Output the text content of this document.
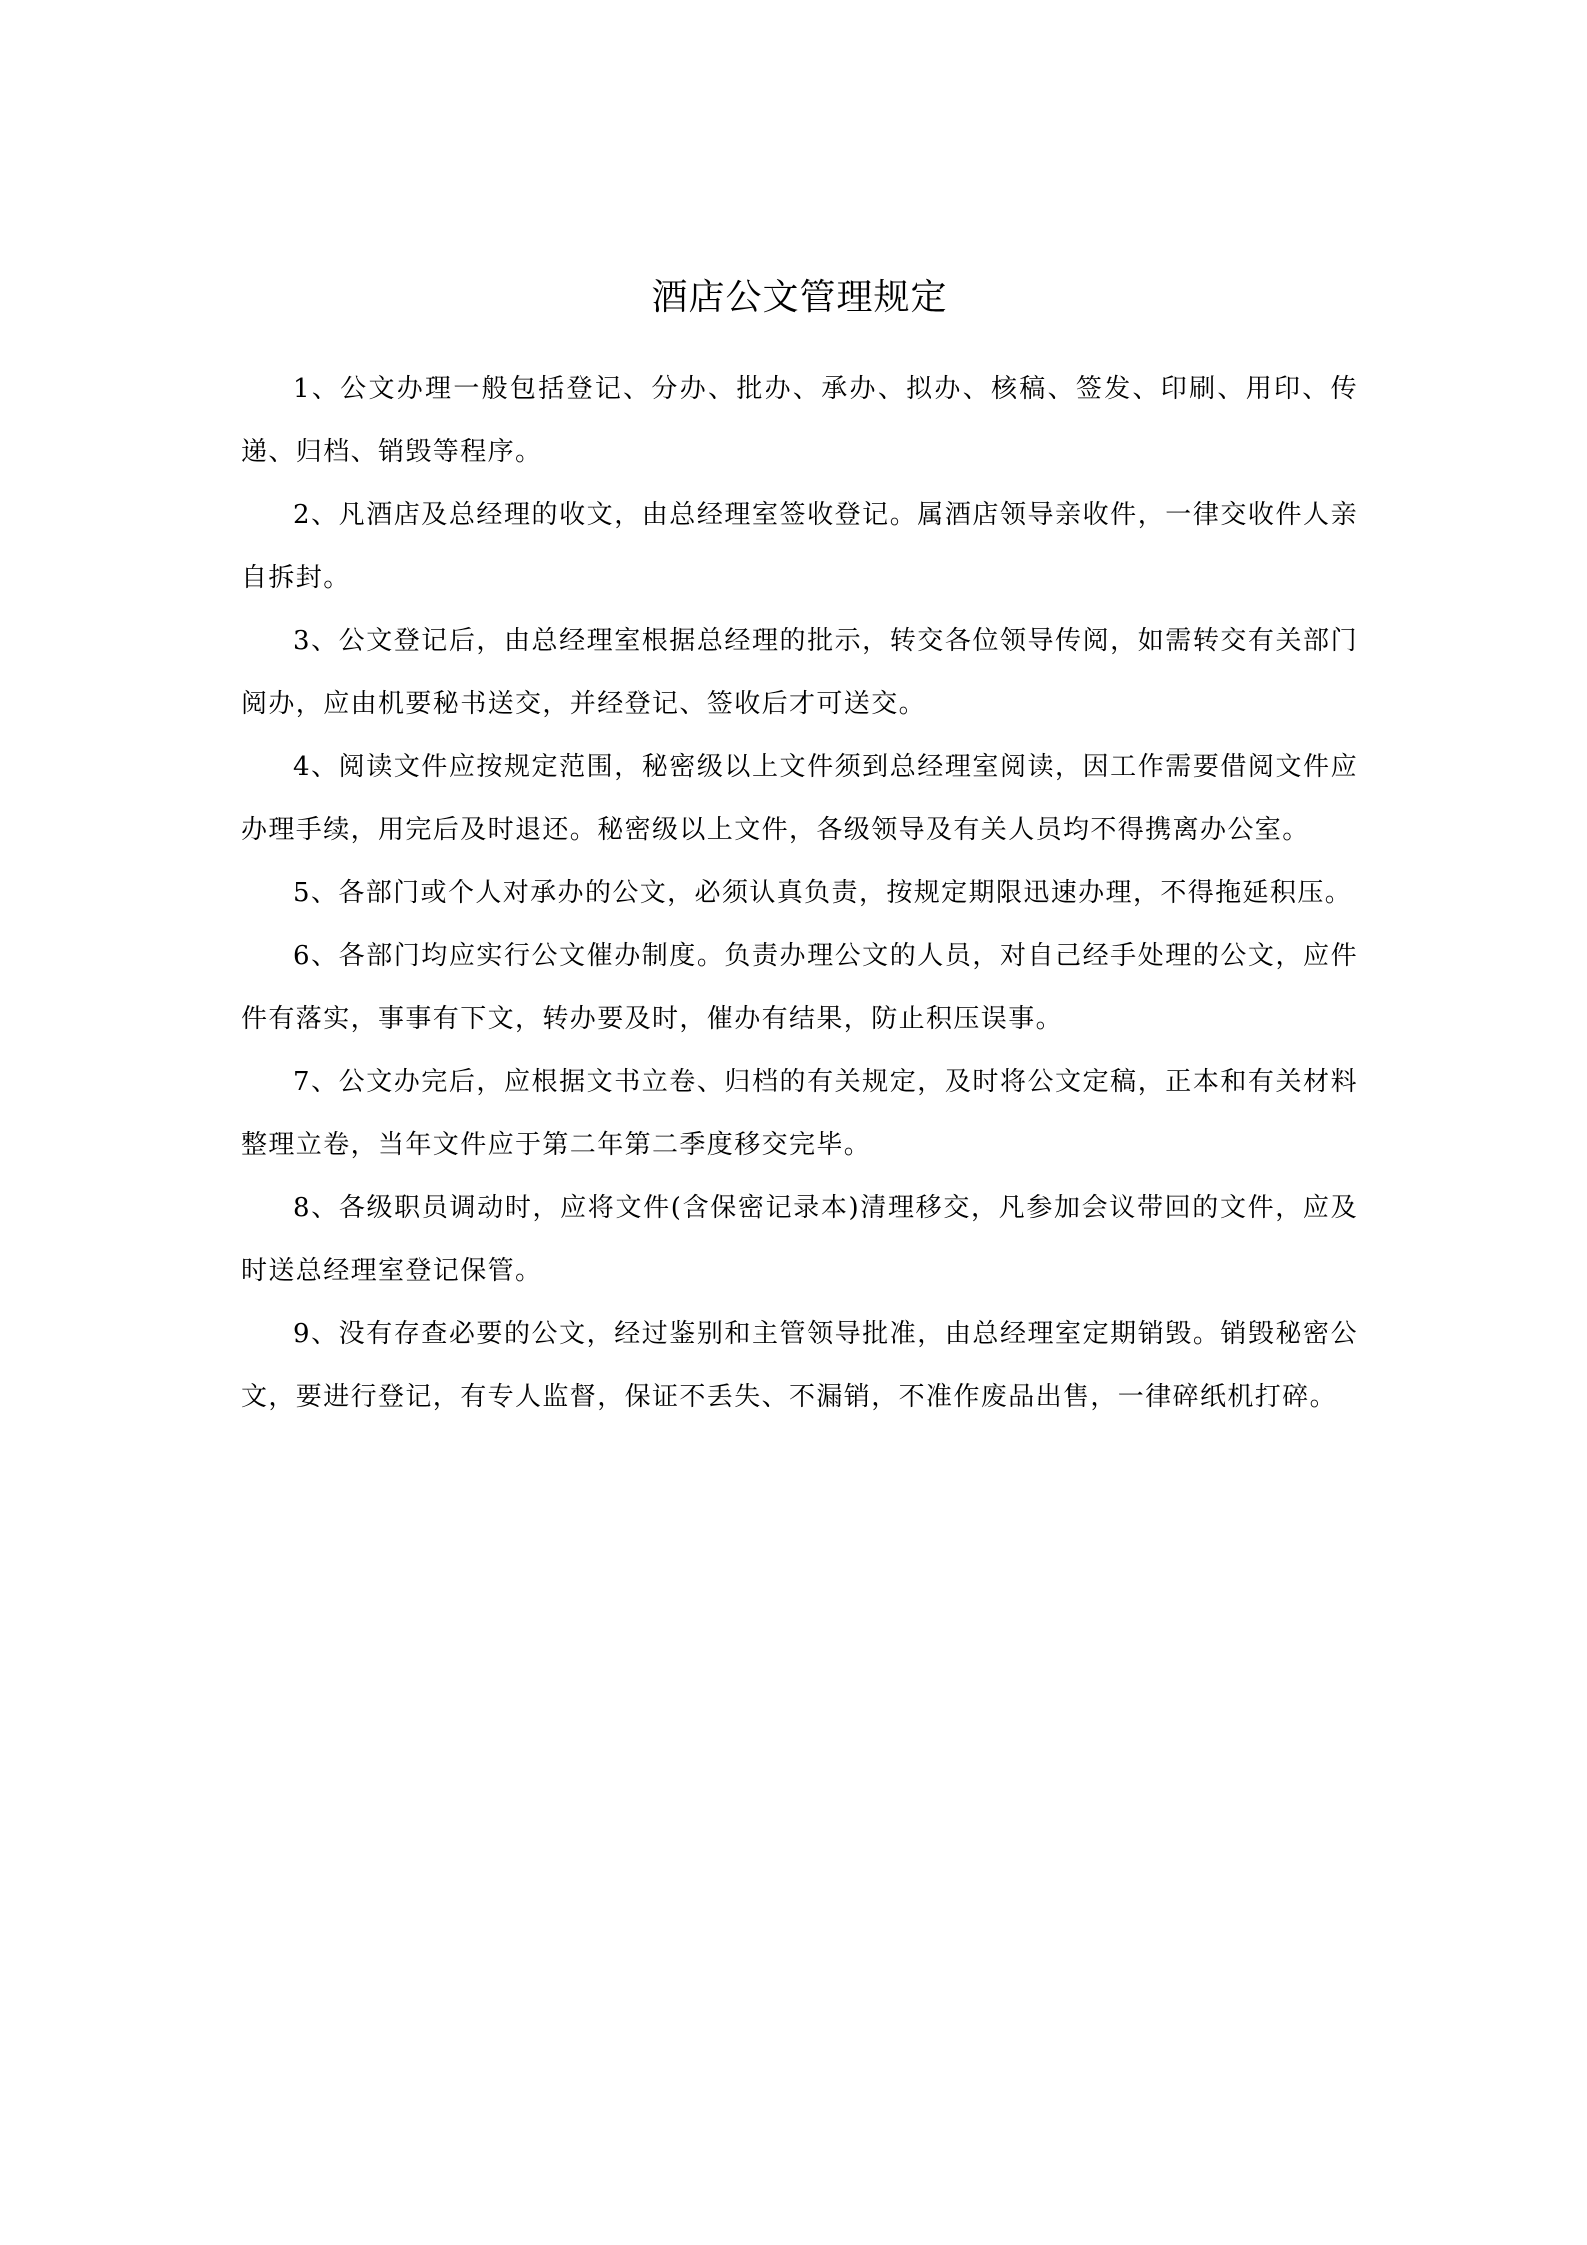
酒店公文管理规定

1、公文办理一般包括登记、分办、批办、承办、拟办、核稿、签发、印刷、用印、传递、归档、销毁等程序。

2、凡酒店及总经理的收文，由总经理室签收登记。属酒店领导亲收件，一律交收件人亲自拆封。

3、公文登记后，由总经理室根据总经理的批示，转交各位领导传阅，如需转交有关部门阅办，应由机要秘书送交，并经登记、签收后才可送交。

4、阅读文件应按规定范围，秘密级以上文件须到总经理室阅读，因工作需要借阅文件应办理手续，用完后及时退还。秘密级以上文件，各级领导及有关人员均不得携离办公室。

5、各部门或个人对承办的公文，必须认真负责，按规定期限迅速办理，不得拖延积压。

6、各部门均应实行公文催办制度。负责办理公文的人员，对自己经手处理的公文，应件件有落实，事事有下文，转办要及时，催办有结果，防止积压误事。

7、公文办完后，应根据文书立卷、归档的有关规定，及时将公文定稿，正本和有关材料整理立卷，当年文件应于第二年第二季度移交完毕。

8、各级职员调动时，应将文件(含保密记录本)清理移交，凡参加会议带回的文件，应及时送总经理室登记保管。

9、没有存查必要的公文，经过鉴别和主管领导批准，由总经理室定期销毁。销毁秘密公文，要进行登记，有专人监督，保证不丢失、不漏销，不准作废品出售，一律碎纸机打碎。
